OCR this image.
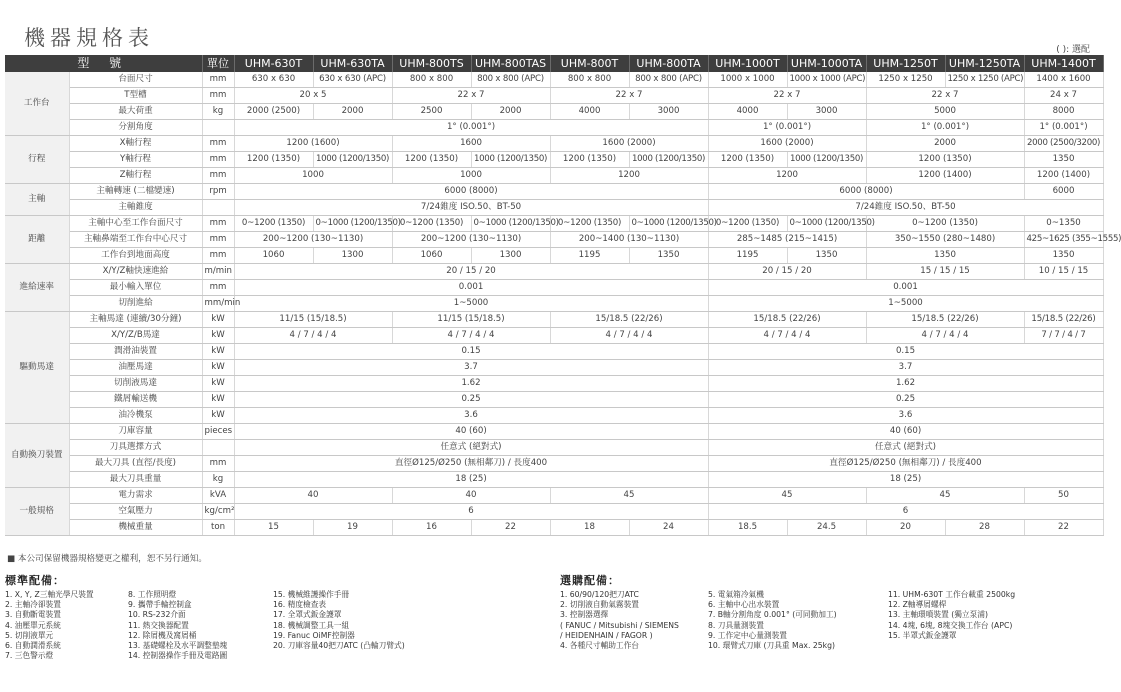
機器規格表	( ): 選配
型 號		單位	UHM-630T	UHM-630TA	UHM-800TS	UHM-800TAS	UHM-800T	UHM-800TA	UHM-1000T	UHM-1000TA	UHM-1250T	UHM-1250TA	UHM-1400T
工作台	台面尺寸	mm	630 x 630	630 x 630 (APC)	800 x 800	800 x 800 (APC)	800 x 800	800 x 800 (APC)	1000 x 1000	1000 x 1000 (APC)	1250 x 1250	1250 x 1250 (APC)	1400 x 1600
	T型槽	mm	20 x 5		22 x 7		22 x 7		22 x 7		22 x 7		24 x 7
	最大荷重	kg	2000 (2500)	2000	2500	2000	4000	3000	4000	3000	5000		8000
	分割角度		1° (0.001°)						1° (0.001°)		1° (0.001°)		1° (0.001°)
行程	X軸行程	mm	1200 (1600)		1600		1600 (2000)		1600 (2000)		2000		2000 (2500/3200)
	Y軸行程	mm	1200 (1350)	1000 (1200/1350)	1200 (1350)	1000 (1200/1350)	1200 (1350)	1000 (1200/1350)	1200 (1350)	1000 (1200/1350)	1200 (1350)		1350
	Z軸行程	mm	1000		1000		1200		1200		1200 (1400)		1200 (1400)
主軸	主軸轉速 (二檔變速)	rpm	6000 (8000)						6000 (8000)				6000
	主軸錐度		7/24錐度 ISO.50、BT-50						7/24錐度 ISO.50、BT-50				
距離	主軸中心至工作台面尺寸	mm	0~1200 (1350)	0~1000 (1200/1350)	0~1200 (1350)	0~1000 (1200/1350)	0~1200 (1350)	0~1000 (1200/1350)	0~1200 (1350)	0~1000 (1200/1350)	0~1200 (1350)		0~1350
	主軸鼻端至工作台中心尺寸	mm	200~1200 (130~1130)		200~1200 (130~1130)		200~1400 (130~1130)		285~1485 (215~1415)		350~1550 (280~1480)		425~1625 (355~1555)
	工作台到地面高度	mm	1060	1300	1060	1300	1195	1350	1195	1350	1350		1350
進給速率	X/Y/Z軸快速進給	m/min	20 / 15 / 20						20 / 15 / 20		15 / 15 / 15		10 / 15 / 15
	最小輸入單位	mm	0.001						0.001				
	切削進給	mm/min	1~5000						1~5000				
驅動馬達	主軸馬達 (連續/30分鐘)	kW	11/15 (15/18.5)		11/15 (15/18.5)		15/18.5 (22/26)		15/18.5 (22/26)		15/18.5 (22/26)		15/18.5 (22/26)
	X/Y/Z/B馬達	kW	4 / 7 / 4 / 4		4 / 7 / 4 / 4		4 / 7 / 4 / 4		4 / 7 / 4 / 4		4 / 7 / 4 / 4		7 / 7 / 4 / 7
	潤滑油裝置	kW	0.15						0.15				
	油壓馬達	kW	3.7						3.7				
	切削液馬達	kW	1.62						1.62				
	鐵屑輸送機	kW	0.25						0.25				
	油冷機泵	kW	3.6						3.6				
自動換刀裝置	刀庫容量	pieces	40 (60)						40 (60)				
	刀具選擇方式		任意式 (絕對式)						任意式 (絕對式)				
	最大刀具 (直徑/長度)	mm	直徑Ø125/Ø250 (無相鄰刀) / 長度400						直徑Ø125/Ø250 (無相鄰刀) / 長度400				
	最大刀具重量	kg	18 (25)						18 (25)				
一般規格	電力需求	kVA	40		40		45		45		45		50
	空氣壓力	kg/cm²	6						6				
	機械重量	ton	15	19	16	22	18	24	18.5	24.5	20	28	22
■ 本公司保留機器規格變更之權利，恕不另行通知。
標準配備：
1. X, Y, Z三軸光學尺裝置
2. 主軸冷卻裝置
3. 自動斷電裝置
4. 油壓單元系統
5. 切削液單元
6. 自動潤滑系統
7. 三色警示燈
8. 工作照明燈
9. 攜帶手輪控制盒
10. RS-232介面
11. 熱交換器配置
12. 除屑機及窩屑桶
13. 基礎螺栓及水平調整墊塊
14. 控制器操作手冊及電路圖
15. 機械維護操作手冊
16. 精度檢查表
17. 全罩式鈑金護罩
18. 機械調整工具一組
19. Fanuc OiMF控制器
20. 刀庫容量40把刀ATC (凸輪刀臂式)
選購配備：
1. 60/90/120把刀ATC
2. 切削液自動氣霧裝置
3. 控制器選擇
( FANUC / Mitsubishi / SIEMENS
/ HEIDENHAIN / FAGOR )
4. 各種尺寸輔助工作台
5. 電氣箱冷氣機
6. 主軸中心出水裝置
7. B軸分割角度 0.001° (可同動加工)
8. 刀具量測裝置
9. 工作定中心量測裝置
10. 環臂式刀庫 (刀具重 Max. 25kg)
11. UHM-630T 工作台載重 2500kg
12. Z軸導屑螺桿
13. 主軸環噴裝置 (獨立泵浦)
14. 4塊, 6塊, 8塊交換工作台 (APC)
15. 半罩式鈑金護罩
